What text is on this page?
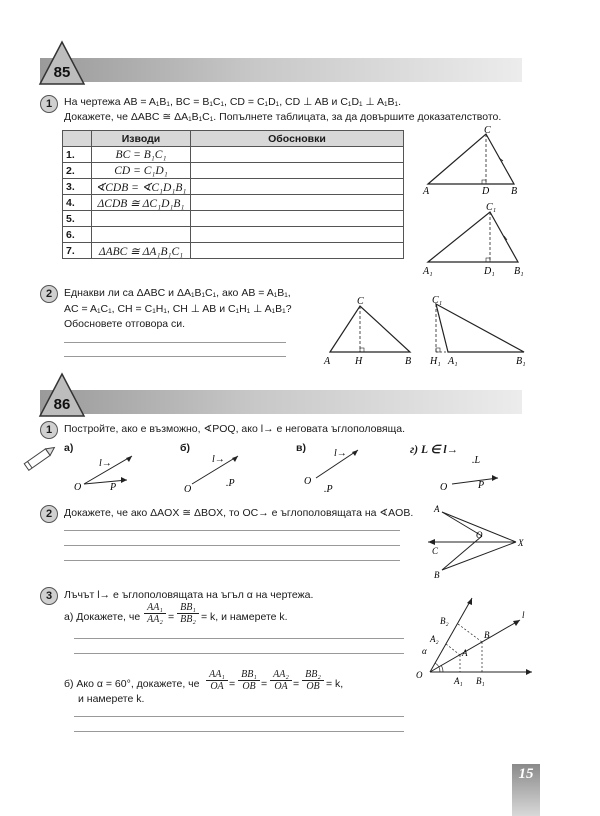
85
1	На чертежа AB = A₁B₁, BC = B₁C₁, CD = C₁D₁, CD ⊥ AB и C₁D₁ ⊥ A₁B₁.
Докажете, че ΔABC ≅ ΔA₁B₁C₁. Попълнете таблицата, за да довършите доказателството.
	Изводи	Обосновки
1.	BC = B₁C₁	
2.	CD = C₁D₁	
3.	∢CDB = ∢C₁D₁B₁	
4.	ΔCDB ≅ ΔC₁D₁B₁	
5.		
6.		
7.	ΔABC ≅ ΔA₁B₁C₁	
A
C
D B
A₁
C₁
D₁ B₁
2	Еднакви ли са ΔABC и ΔA₁B₁C₁, ако AB = A₁B₁,
AC = A₁C₁, CH = C₁H₁, CH ⊥ AB и C₁H₁ ⊥ A₁B₁?
Обосновете отговора си.
A
C
H	B H₁
C₁
A₁	B₁
86
1	Постройте, ако е възможно, ∢POQ, ако l→ е неговата ъглополовяща.
а)
O
l→
P
б)
O
l→
.P
в)
O
l→
.P
г) L ∈ l→
O	P
.L
2	Докажете, че ако ΔAOX ≅ ΔBOX, то OC→ е ъглополовящата на ∢AOB. A
B
C
O
X
3	Лъчът l→ е ъглополовящата на ъгъл α на чертежа.
а) Докажете, че
AA₁
AA₂ =
BB₁
BB₂ = k, и намерете k.
б) Ако α = 60°, докажете, че
AA₁
OA =
BB₁
OB =
AA₂
OA =
BB₂
OB = k,
и намерете k.
O
α	A
B
A₁ B₁
A₂
B₂
l
15
